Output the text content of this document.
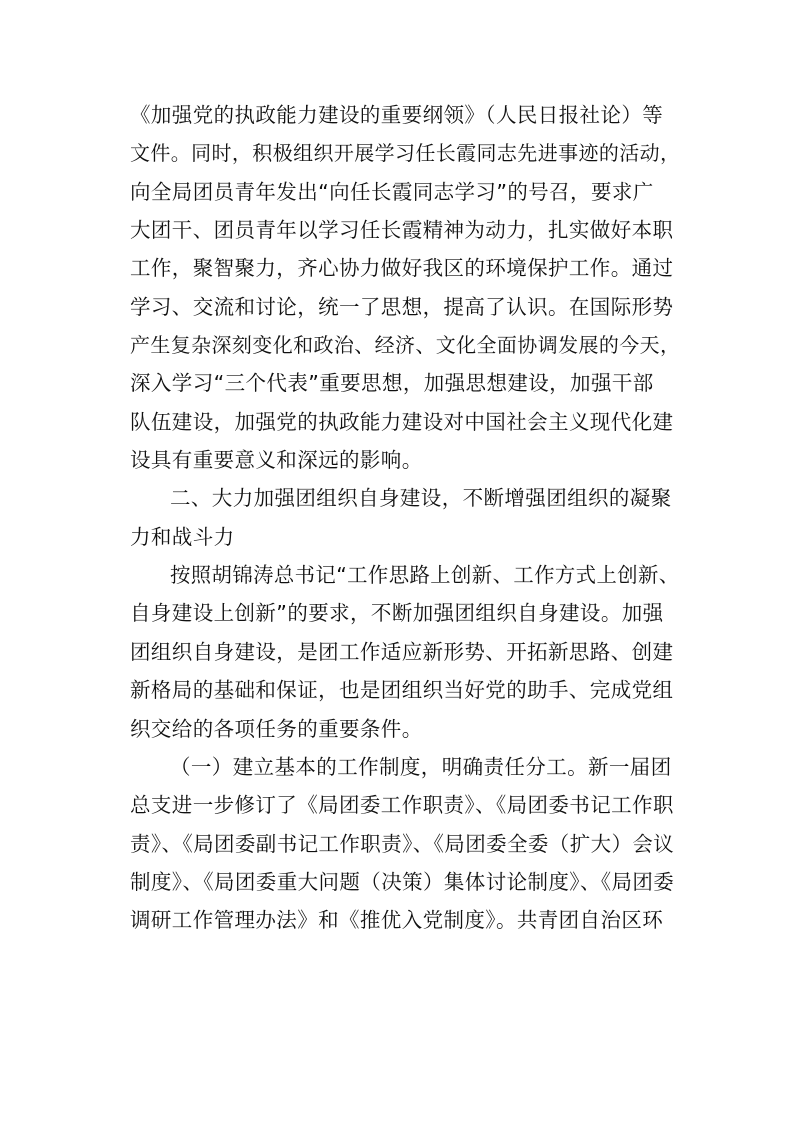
《加强党的执政能力建设的重要纲领》（人民日报社论）等
文件。同时，积极组织开展学习任长霞同志先进事迹的活动，
向全局团员青年发出“向任长霞同志学习”的号召，要求广
大团干、团员青年以学习任长霞精神为动力，扎实做好本职
工作，聚智聚力，齐心协力做好我区的环境保护工作。通过
学习、交流和讨论，统一了思想，提高了认识。在国际形势
产生复杂深刻变化和政治、经济、文化全面协调发展的今天，
深入学习“三个代表”重要思想，加强思想建设，加强干部
队伍建设，加强党的执政能力建设对中国社会主义现代化建
设具有重要意义和深远的影响。
二、大力加强团组织自身建设，不断增强团组织的凝聚
力和战斗力
按照胡锦涛总书记“工作思路上创新、工作方式上创新、
自身建设上创新”的要求，不断加强团组织自身建设。加强
团组织自身建设，是团工作适应新形势、开拓新思路、创建
新格局的基础和保证，也是团组织当好党的助手、完成党组
织交给的各项任务的重要条件。
（一）建立基本的工作制度，明确责任分工。新一届团
总支进一步修订了《局团委工作职责》、《局团委书记工作职
责》、《局团委副书记工作职责》、《局团委全委（扩大）会议
制度》、《局团委重大问题（决策）集体讨论制度》、《局团委
调研工作管理办法》和《推优入党制度》。共青团自治区环
